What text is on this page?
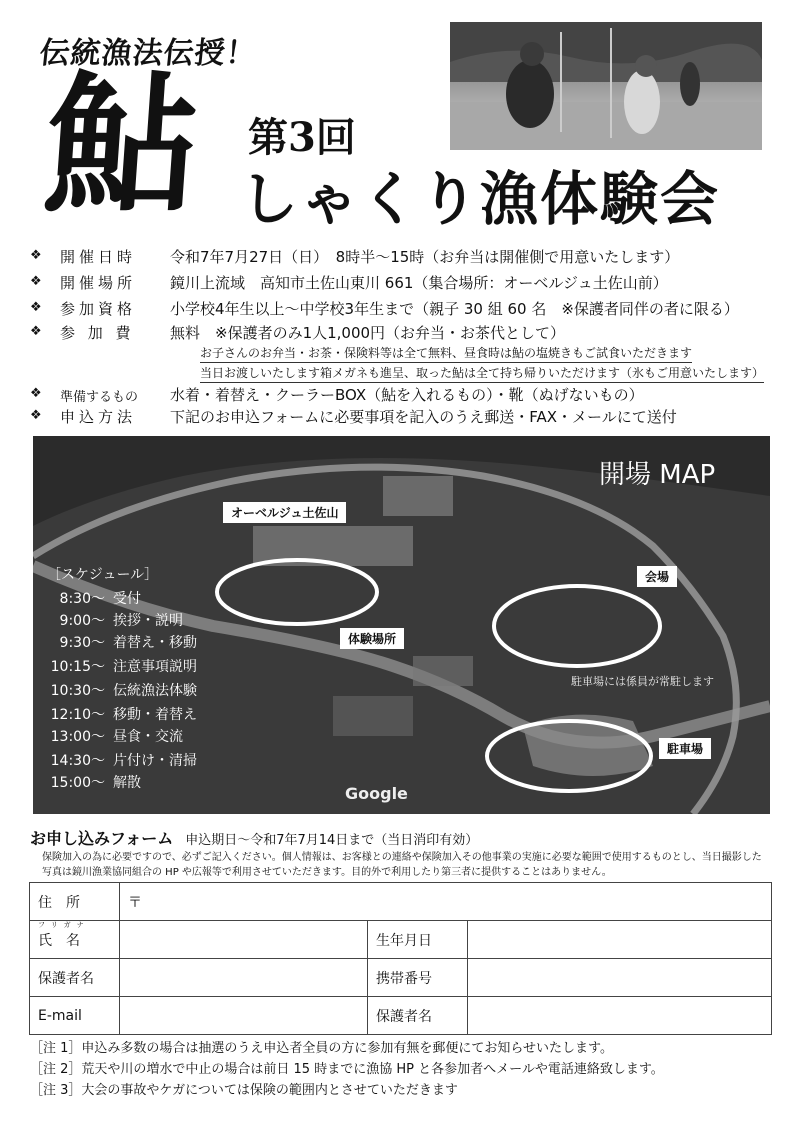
伝統漁法伝授！
鮎 第3回
しゃくり漁体験会
❖	開催日時	令和7年7月27日（日）　8時半〜15時（お弁当は開催側で用意いたします）
❖	開催場所	鏡川上流域　高知市土佐山東川 661（集合場所：オーベルジュ土佐山前）
❖	参加資格	小学校4年生以上〜中学校3年生まで（親子 30 組 60 名　※保護者同伴の者に限る）
❖	参 加 費	無料　※保護者のみ1人1,000円（お弁当・お茶代として）
お子さんのお弁当・お茶・保険料等は全て無料、昼食時は鮎の塩焼きもご試食いただきます
当日お渡しいたします箱メガネも進呈、取った鮎は全て持ち帰りいただけます（氷もご用意いたします）
❖	準備するもの	水着・着替え・クーラーBOX（鮎を入れるもの）・靴（ぬげないもの）
❖	申込方法	下記のお申込フォームに必要事項を記入のうえ郵送・FAX・メールにて送付
開場 MAP
オーベルジュ土佐山
会場
体験場所
駐車場
駐車場には係員が常駐します
Google
［スケジュール］
8:30〜 受付
9:00〜 挨拶・説明
9:30〜 着替え・移動
10:15〜 注意事項説明
10:30〜 伝統漁法体験
12:10〜 移動・着替え
13:00〜 昼食・交流
14:30〜 片付け・清掃
15:00〜 解散
お申し込みフォーム 申込期日〜令和7年7月14日まで（当日消印有効）
保険加入の為に必要ですので、必ずご記入ください。個人情報は、お客様との連絡や保険加入その他事業の実施に必要な範囲で使用するものとし、当日撮影した写真は鏡川漁業協同組合の HP や広報等で利用させていただきます。目的外で利用したり第三者に提供することはありません。
住　所	〒		

フリガナ
氏　名		生年月日	
保護者名		携帯番号	
E-mail		保護者名	
［注 1］申込み多数の場合は抽選のうえ申込者全員の方に参加有無を郵便にてお知らせいたします。
［注 2］荒天や川の増水で中止の場合は前日 15 時までに漁協 HP と各参加者へメールや電話連絡致します。
［注 3］大会の事故やケガについては保険の範囲内とさせていただきます
